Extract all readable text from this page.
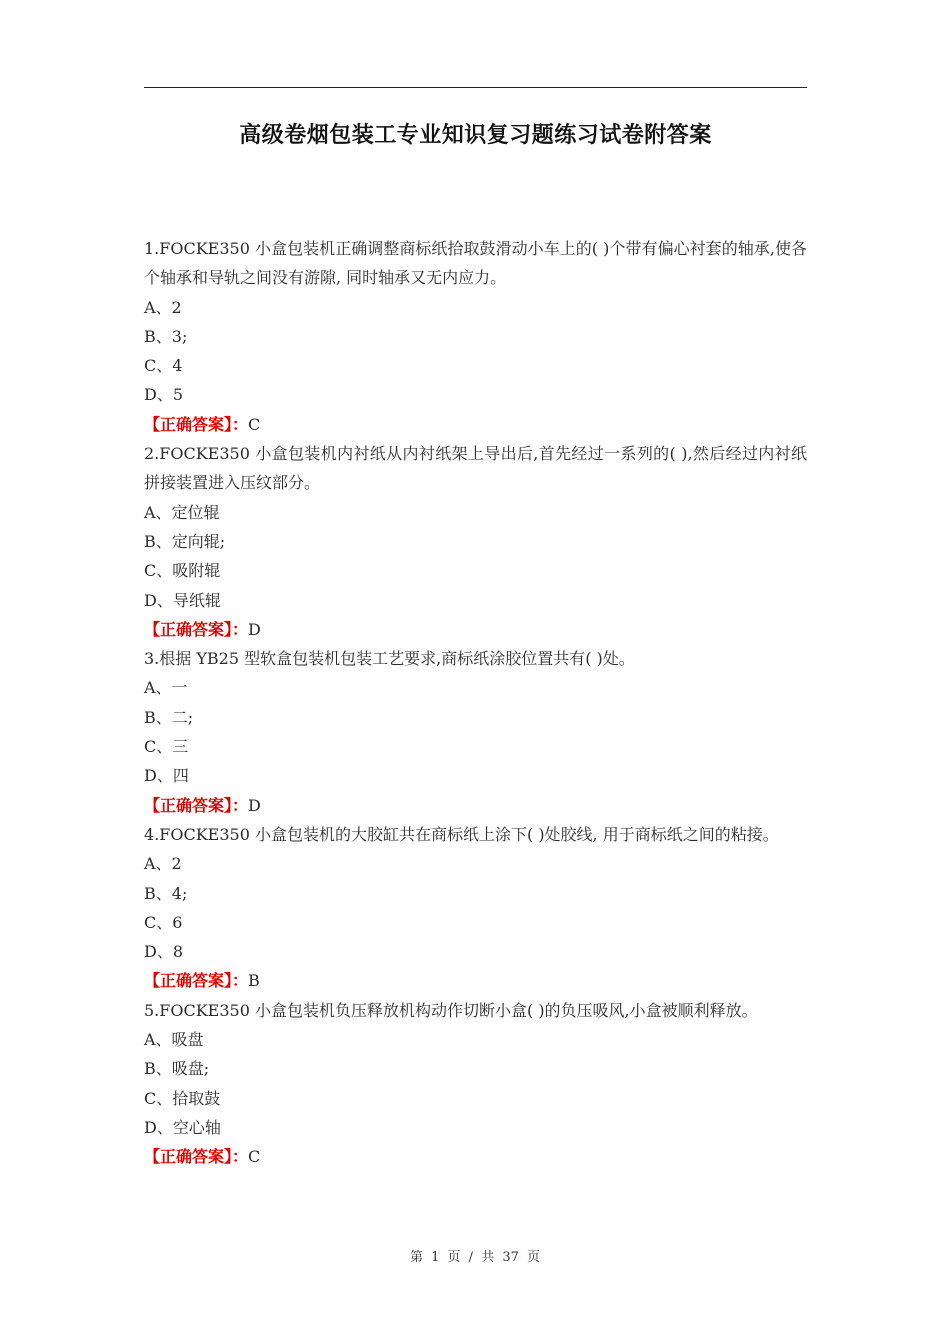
高级卷烟包装工专业知识复习题练习试卷附答案

1.FOCKE350 小盒包装机正确调整商标纸拾取鼓滑动小车上的( )个带有偏心衬套的轴承,使各个轴承和导轨之间没有游隙, 同时轴承又无内应力。

A、2

B、3;

C、4

D、5

【正确答案】：C

2.FOCKE350 小盒包装机内衬纸从内衬纸架上导出后,首先经过一系列的( ),然后经过内衬纸拼接装置进入压纹部分。

A、定位辊

B、定向辊;

C、吸附辊

D、导纸辊

【正确答案】：D

3.根据 YB25 型软盒包装机包装工艺要求,商标纸涂胶位置共有( )处。

A、一

B、二;

C、三

D、四

【正确答案】：D

4.FOCKE350 小盒包装机的大胶缸共在商标纸上涂下( )处胶线, 用于商标纸之间的粘接。

A、2

B、4;

C、6

D、8

【正确答案】：B

5.FOCKE350 小盒包装机负压释放机构动作切断小盒( )的负压吸风,小盒被顺利释放。

A、吸盘

B、吸盘;

C、拾取鼓

D、空心轴

【正确答案】：C

第 1 页 / 共 37 页
